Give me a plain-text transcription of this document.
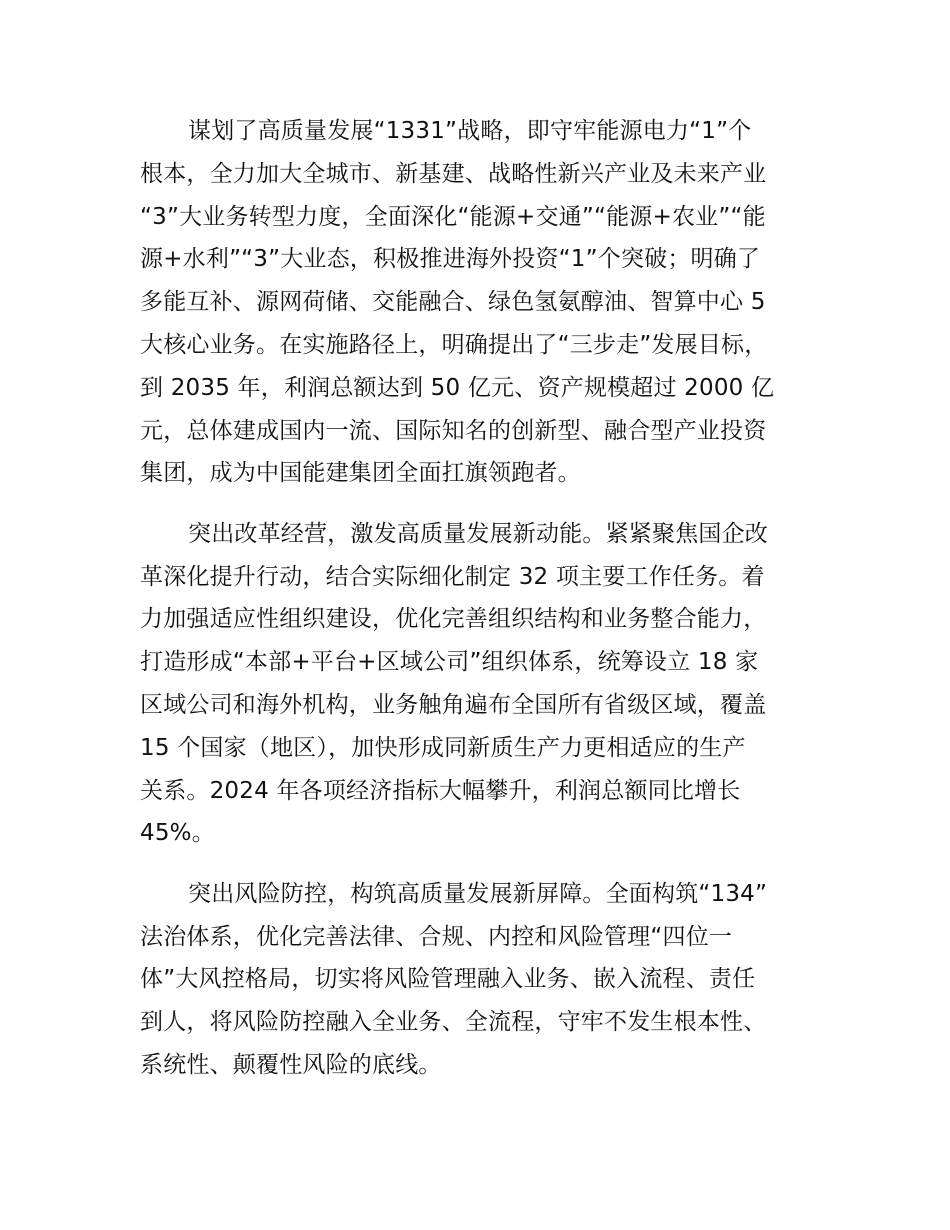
谋划了高质量发展“1331”战略，即守牢能源电力“1”个
根本，全力加大全城市、新基建、战略性新兴产业及未来产业
“3”大业务转型力度，全面深化“能源+交通”“能源+农业”“能
源+水利”“3”大业态，积极推进海外投资“1”个突破；明确了
多能互补、源网荷储、交能融合、绿色氢氨醇油、智算中心 5
大核心业务。在实施路径上，明确提出了“三步走”发展目标，
到 2035 年，利润总额达到 50 亿元、资产规模超过 2000 亿
元，总体建成国内一流、国际知名的创新型、融合型产业投资
集团，成为中国能建集团全面扛旗领跑者。
突出改革经营，激发高质量发展新动能。紧紧聚焦国企改
革深化提升行动，结合实际细化制定 32 项主要工作任务。着
力加强适应性组织建设，优化完善组织结构和业务整合能力，
打造形成“本部+平台+区域公司”组织体系，统筹设立 18 家
区域公司和海外机构，业务触角遍布全国所有省级区域，覆盖
15 个国家（地区），加快形成同新质生产力更相适应的生产
关系。2024 年各项经济指标大幅攀升，利润总额同比增长
45%。
突出风险防控，构筑高质量发展新屏障。全面构筑“134”
法治体系，优化完善法律、合规、内控和风险管理“四位一
体”大风控格局，切实将风险管理融入业务、嵌入流程、责任
到人，将风险防控融入全业务、全流程，守牢不发生根本性、
系统性、颠覆性风险的底线。
